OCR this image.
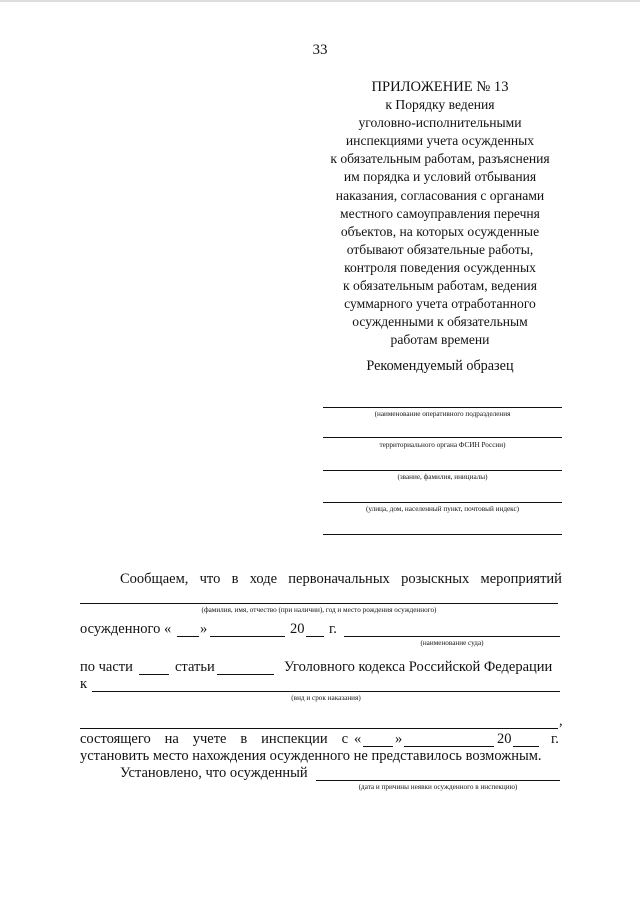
33
ПРИЛОЖЕНИЕ № 13
к Порядку ведения
уголовно-исполнительными
инспекциями учета осужденных
к обязательным работам, разъяснения
им порядка и условий отбывания
наказания, согласования с органами
местного самоуправления перечня
объектов, на которых осужденные
отбывают обязательные работы,
контроля поведения осужденных
к обязательным работам, ведения
суммарного учета отработанного
осужденными к обязательным
работам времени
Рекомендуемый образец
(наименование оперативного подразделения
территориального органа ФСИН России)
(звание, фамилия, инициалы)
(улица, дом, населенный пункт, почтовый индекс)
Сообщаем, что в ходе первоначальных розыскных мероприятий
(фамилия, имя, отчество (при наличии), год и место рождения осужденного)
осужденного « »	20 г.
(наименование суда)
по части	статьи	Уголовного кодекса Российской Федерации
к
(вид и срок наказания)
,
состоящего на учете в инспекции с « »	20	г.
установить место нахождения осужденного не представилось возможным.
Установлено, что осужденный
(дата и причины неявки осужденного в инспекцию)
